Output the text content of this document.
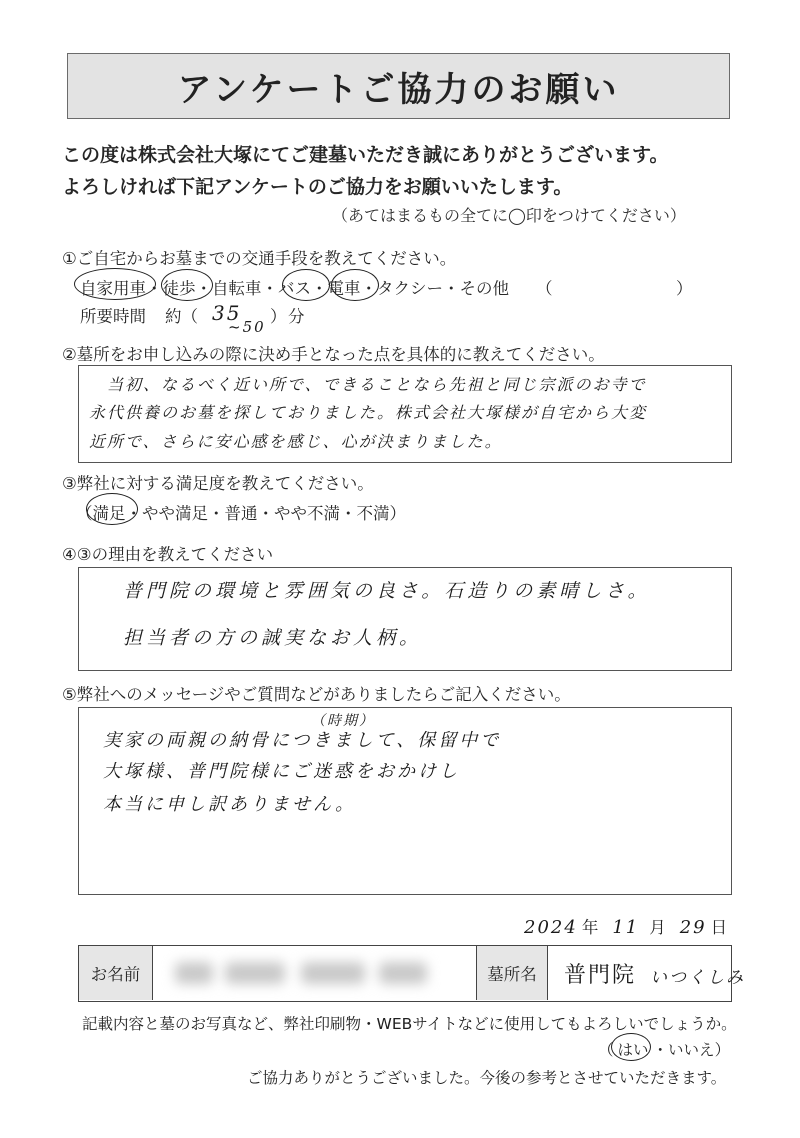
アンケートご協力のお願い
この度は株式会社大塚にてご建墓いただき誠にありがとうございます。
よろしければ下記アンケートのご協力をお願いいたします。
（あてはまるもの全てに◯印をつけてください）
①ご自宅からお墓までの交通手段を教えてください。
自家用車・徒歩・自転車・バス・電車・タクシー・その他 （	）
所要時間 約（ 35 ） 分
~50
②墓所をお申し込みの際に決め手となった点を具体的に教えてください。
当初、なるべく近い所で、できることなら先祖と同じ宗派のお寺で
永代供養のお墓を探しておりました。株式会社大塚様が自宅から大変
近所で、さらに安心感を感じ、心が決まりました。
③弊社に対する満足度を教えてください。
（満足・やや満足・普通・やや不満・不満）
④③の理由を教えてください
普門院の環境と雰囲気の良さ。石造りの素晴しさ。
担当者の方の誠実なお人柄。
⑤弊社へのメッセージやご質問などがありましたらご記入ください。
（時期）
実家の両親の納骨につきまして、保留中で
大塚様、普門院様にご迷惑をおかけし
本当に申し訳ありません。
2024 年 11 月 29 日
お名前	墓所名 普門院 いつくしみ
記載内容と墓のお写真など、弊社印刷物・WEBサイトなどに使用してもよろしいでしょうか。
（ はい ・いいえ）
ご協力ありがとうございました。今後の参考とさせていただきます。
